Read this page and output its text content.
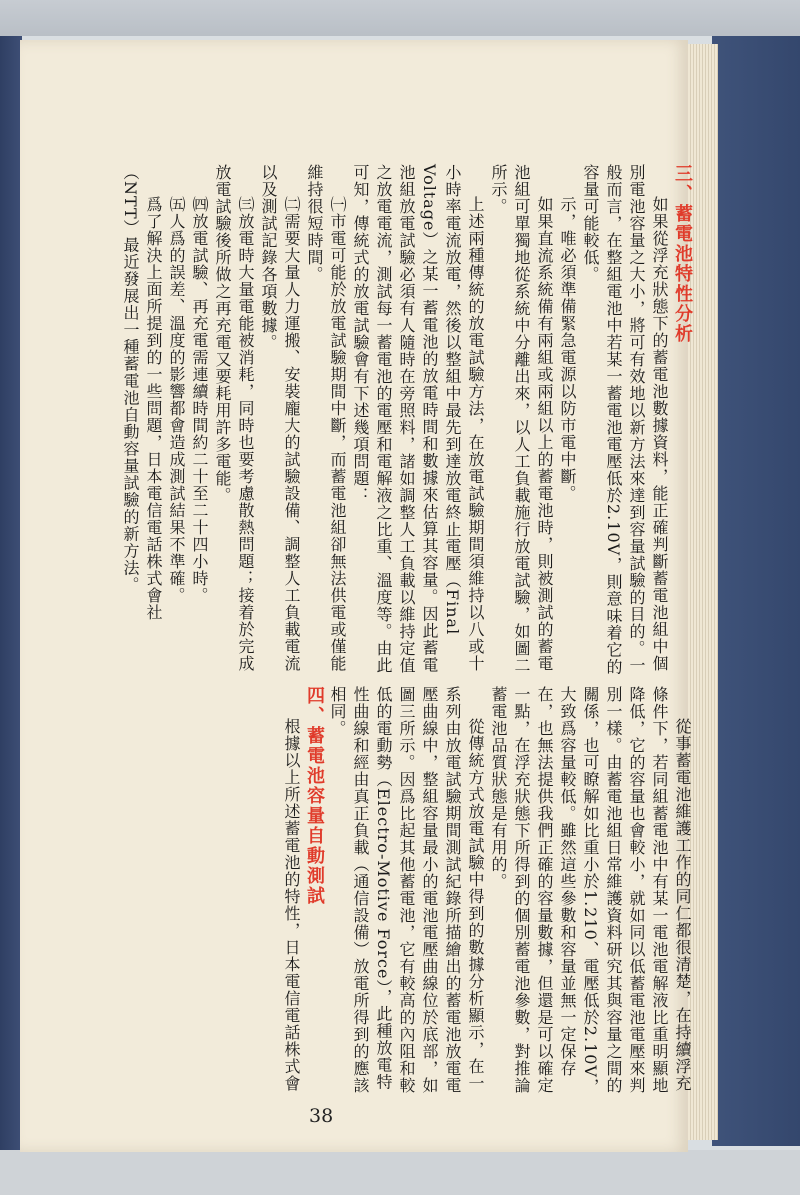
三、蓄電池特性分析

如果從浮充狀態下的蓄電池數據資料，能正確判斷蓄電池組中個別電池容量之大小，將可有效地以新方法來達到容量試驗的目的。一般而言，在整組電池中若某一蓄電池電壓低於2.10V，則意味着它的容量可能較低。

示，唯必須準備緊急電源以防市電中斷。

如果直流系統備有兩組或兩組以上的蓄電池時，則被測試的蓄電池組可單獨地從系統中分離出來，以人工負載施行放電試驗，如圖二所示。

上述兩種傳統的放電試驗方法，在放電試驗期間須維持以八或十小時率電流放電，然後以整組中最先到達放電終止電壓（Final Voltage）之某一蓄電池的放電時間和數據來估算其容量。因此蓄電池組放電試驗必須有人隨時在旁照料，諸如調整人工負載以維持定值之放電電流，測試每一蓄電池的電壓和電解液之比重、溫度等。由此可知，傳統式的放電試驗會有下述幾項問題：

㈠市電可能於放電試驗期間中斷，而蓄電池組卻無法供電或僅能維持很短時間。

㈡需要大量人力運搬、安裝龐大的試驗設備、調整人工負載電流以及測試記錄各項數據。

㈢放電時大量電能被消耗，同時也要考慮散熱問題；接着於完成放電試驗後所做之再充電又要耗用許多電能。

㈣放電試驗、再充電需連續時間約二十至二十四小時。

㈤人爲的誤差、溫度的影響都會造成測試結果不準確。

爲了解決上面所提到的一些問題，日本電信電話株式會社（NTT）最近發展出一種蓄電池自動容量試驗的新方法。

從事蓄電池維護工作的同仁都很清楚，在持續浮充條件下，若同組蓄電池中有某一電池電解液比重明顯地降低，它的容量也會較小，就如同以低蓄電池電壓來判別一樣。由蓄電池組日常維護資料研究其與容量之間的關係，也可瞭解如比重小於1.210、電壓低於2.10V，大致爲容量較低。雖然這些參數和容量並無一定保存在，也無法提供我們正確的容量數據，但還是可以確定一點，在浮充狀態下所得到的個別蓄電池參數，對推論蓄電池品質狀態是有用的。

從傳統方式放電試驗中得到的數據分析顯示，在一系列由放電試驗期間測試紀錄所描繪出的蓄電池放電電壓曲線中，整組容量最小的電池電壓曲線位於底部，如圖三所示。因爲比起其他蓄電池，它有較高的內阻和較低的電動勢（Electro-Motive Force），此種放電特性曲線和經由真正負載（通信設備）放電所得到的應該相同。

四、蓄電池容量自動測試

根據以上所述蓄電池的特性，日本電信電話株式會

38
